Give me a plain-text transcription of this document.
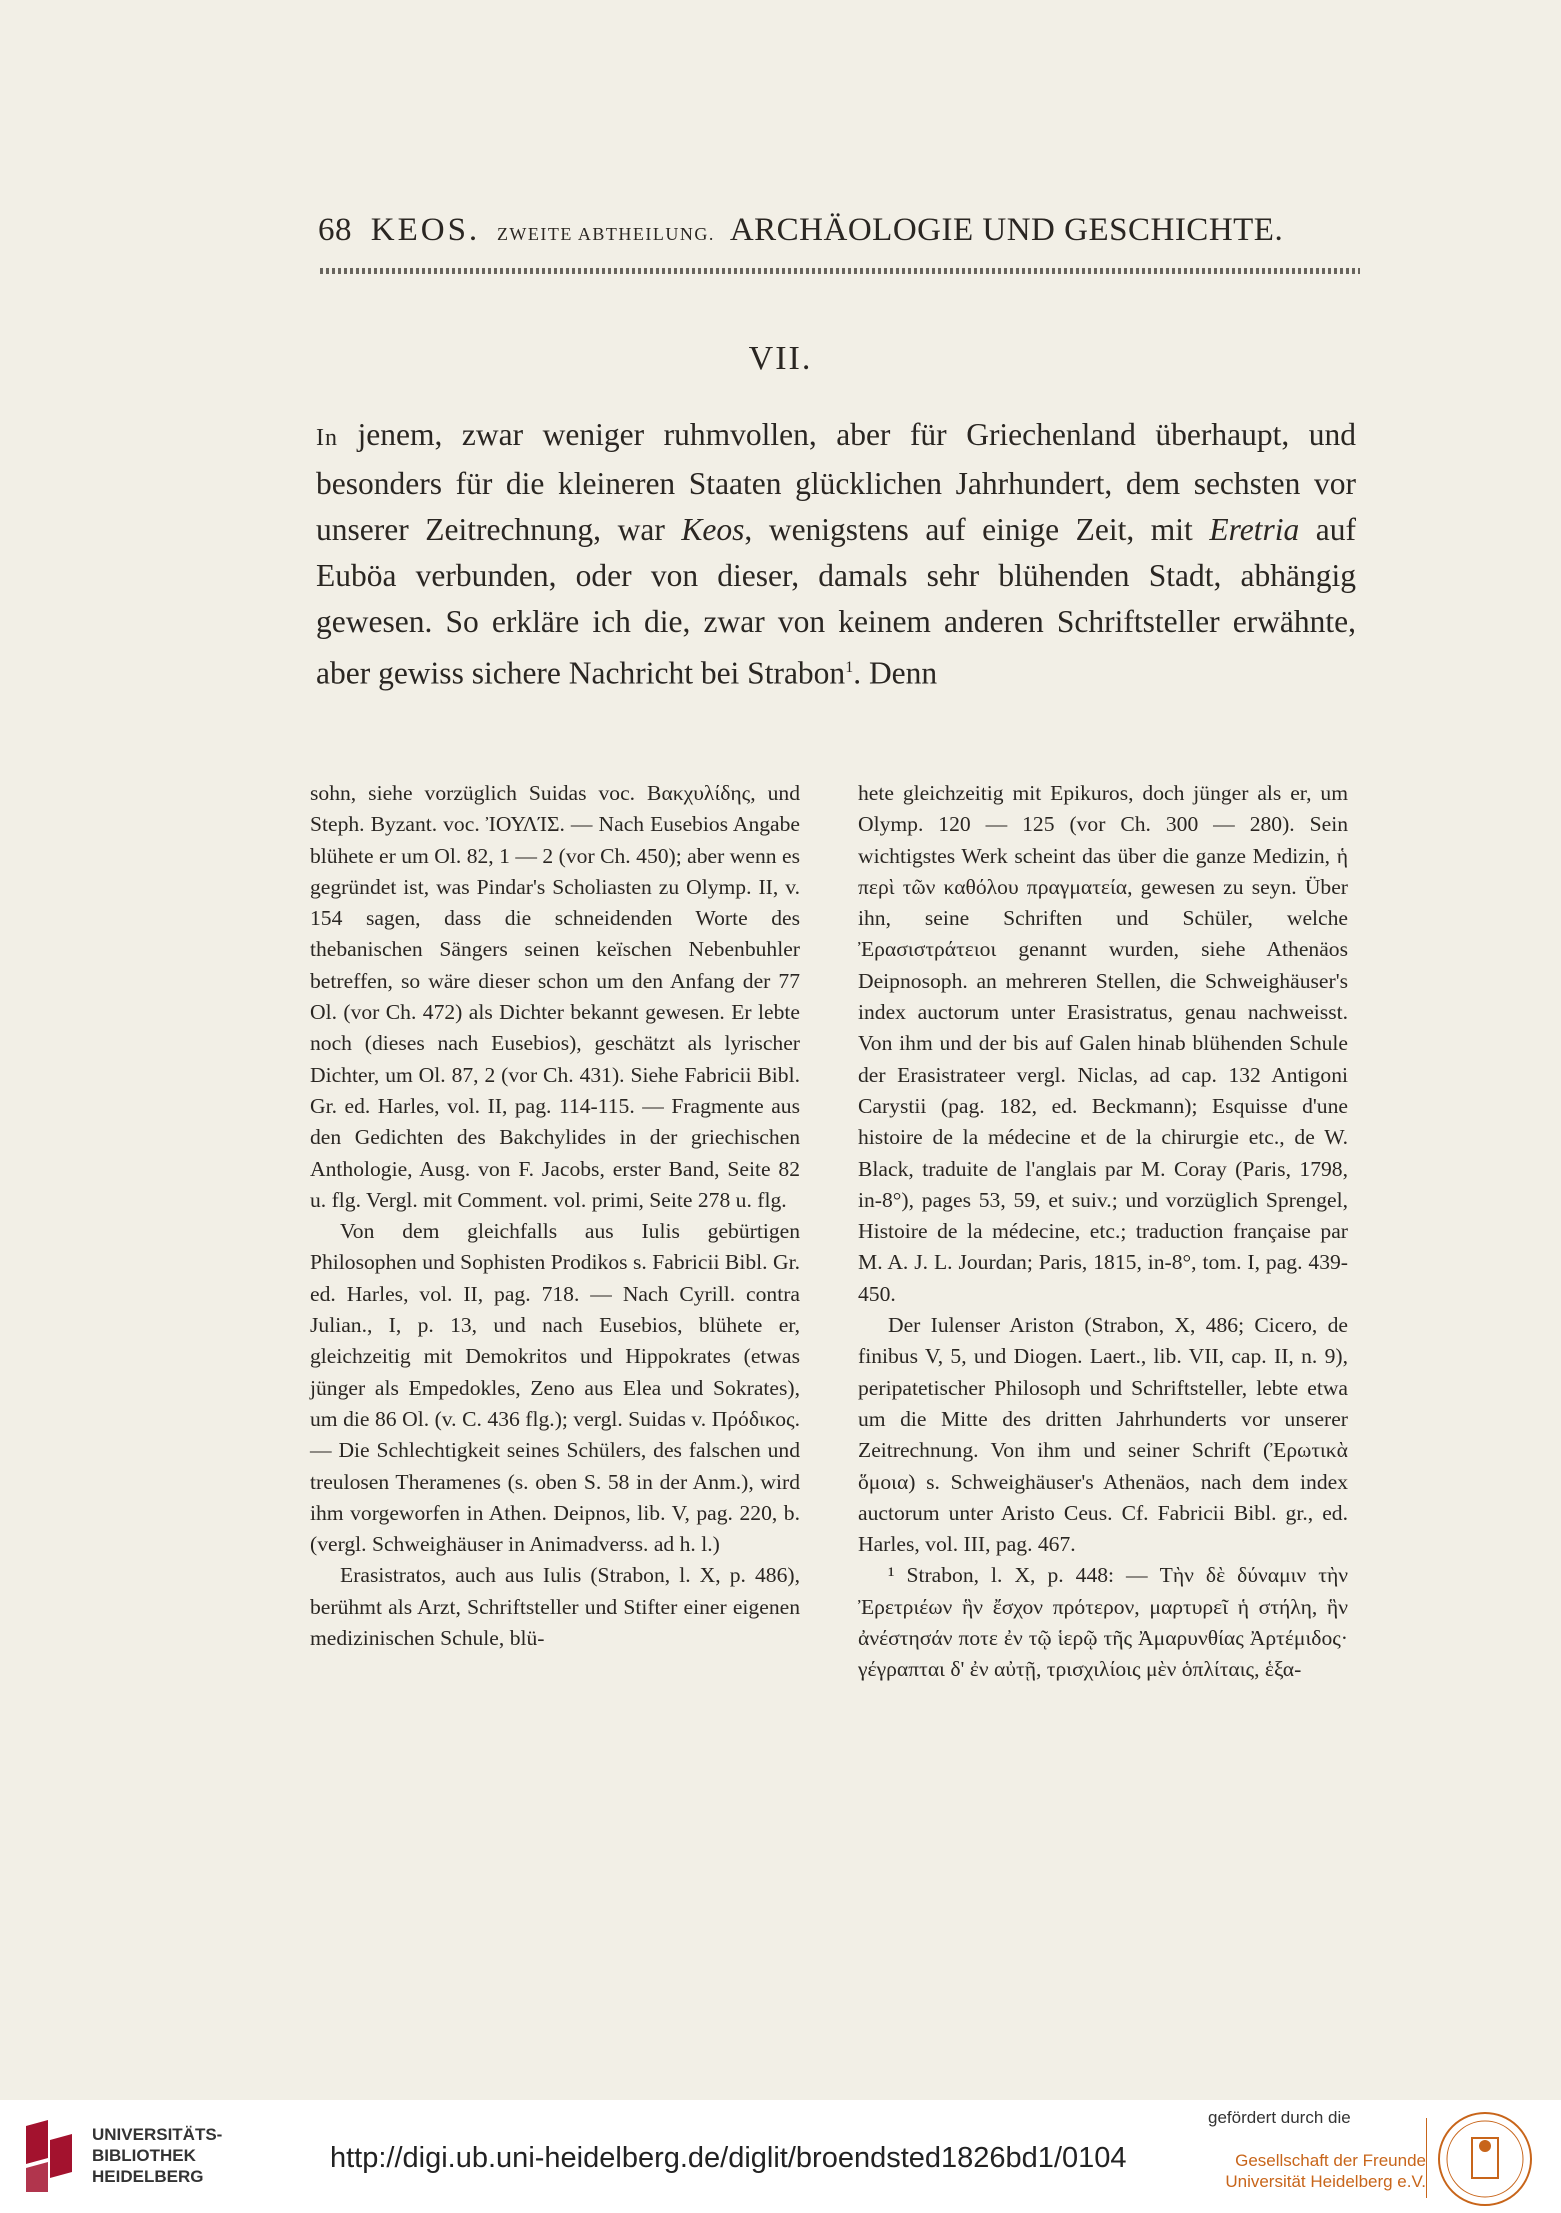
68 KEOS. ZWEITE ABTHEILUNG. ARCHÄOLOGIE UND GESCHICHTE.
VII.

In jenem, zwar weniger ruhmvollen, aber für Griechenland überhaupt, und besonders für die kleineren Staaten glücklichen Jahrhundert, dem sechsten vor unserer Zeitrechnung, war Keos, wenigstens auf einige Zeit, mit Eretria auf Euböa verbunden, oder von dieser, damals sehr blühenden Stadt, abhängig gewesen. So erkläre ich die, zwar von keinem anderen Schriftsteller erwähnte, aber gewiss sichere Nachricht bei Strabon$^1$. Denn

sohn, siehe vorzüglich Suidas voc. Βακχυλίδης, und Steph. Byzant. voc. ἸΟΥΛΊΣ. — Nach Eusebios Angabe blühete er um Ol. 82, 1 — 2 (vor Ch. 450); aber wenn es gegründet ist, was Pindar's Scholiasten zu Olymp. II, v. 154 sagen, dass die schneidenden Worte des thebanischen Sängers seinen keïschen Nebenbuhler betreffen, so wäre dieser schon um den Anfang der 77 Ol. (vor Ch. 472) als Dichter bekannt gewesen. Er lebte noch (dieses nach Eusebios), geschätzt als lyrischer Dichter, um Ol. 87, 2 (vor Ch. 431). Siehe Fabricii Bibl. Gr. ed. Harles, vol. II, pag. 114-115. — Fragmente aus den Gedichten des Bakchylides in der griechischen Anthologie, Ausg. von F. Jacobs, erster Band, Seite 82 u. flg. Vergl. mit Comment. vol. primi, Seite 278 u. flg.

Von dem gleichfalls aus Iulis gebürtigen Philosophen und Sophisten Prodikos s. Fabricii Bibl. Gr. ed. Harles, vol. II, pag. 718. — Nach Cyrill. contra Julian., I, p. 13, und nach Eusebios, blühete er, gleichzeitig mit Demokritos und Hippokrates (etwas jünger als Empedokles, Zeno aus Elea und Sokrates), um die 86 Ol. (v. C. 436 flg.); vergl. Suidas v. Πρόδικος. — Die Schlechtigkeit seines Schülers, des falschen und treulosen Theramenes (s. oben S. 58 in der Anm.), wird ihm vorgeworfen in Athen. Deipnos, lib. V, pag. 220, b. (vergl. Schweighäuser in Animadverss. ad h. l.)

Erasistratos, auch aus Iulis (Strabon, l. X, p. 486), berühmt als Arzt, Schriftsteller und Stifter einer eigenen medizinischen Schule, blü-

hete gleichzeitig mit Epikuros, doch jünger als er, um Olymp. 120 — 125 (vor Ch. 300 — 280). Sein wichtigstes Werk scheint das über die ganze Medizin, ἡ περὶ τῶν καθόλου πραγματεία, gewesen zu seyn. Über ihn, seine Schriften und Schüler, welche Ἐρασιστράτειοι genannt wurden, siehe Athenäos Deipnosoph. an mehreren Stellen, die Schweighäuser's index auctorum unter Erasistratus, genau nachweisst. Von ihm und der bis auf Galen hinab blühenden Schule der Erasistrateer vergl. Niclas, ad cap. 132 Antigoni Carystii (pag. 182, ed. Beckmann); Esquisse d'une histoire de la médecine et de la chirurgie etc., de W. Black, traduite de l'anglais par M. Coray (Paris, 1798, in-8°), pages 53, 59, et suiv.; und vorzüglich Sprengel, Histoire de la médecine, etc.; traduction française par M. A. J. L. Jourdan; Paris, 1815, in-8°, tom. I, pag. 439-450.

Der Iulenser Ariston (Strabon, X, 486; Cicero, de finibus V, 5, und Diogen. Laert., lib. VII, cap. II, n. 9), peripatetischer Philosoph und Schriftsteller, lebte etwa um die Mitte des dritten Jahrhunderts vor unserer Zeitrechnung. Von ihm und seiner Schrift (Ἐρωτικὰ ὅμοια) s. Schweighäuser's Athenäos, nach dem index auctorum unter Aristo Ceus. Cf. Fabricii Bibl. gr., ed. Harles, vol. III, pag. 467.

¹ Strabon, l. X, p. 448: — Τὴν δὲ δύναμιν τὴν Ἐρετριέων ἣν ἔσχον πρότερον, μαρτυρεῖ ἡ στήλη, ἣν ἀνέστησάν ποτε ἐν τῷ ἱερῷ τῆς Ἀμαρυνθίας Ἀρτέμιδος· γέγραπται δ' ἐν αὐτῇ, τρισχιλίοις μὲν ὁπλίταις, ἑξα-

UNIVERSITÄTS-
BIBLIOTHEK
HEIDELBERG
http://digi.ub.uni-heidelberg.de/diglit/broendsted1826bd1/0104
gefördert durch die
Gesellschaft der Freunde
Universität Heidelberg e.V.
